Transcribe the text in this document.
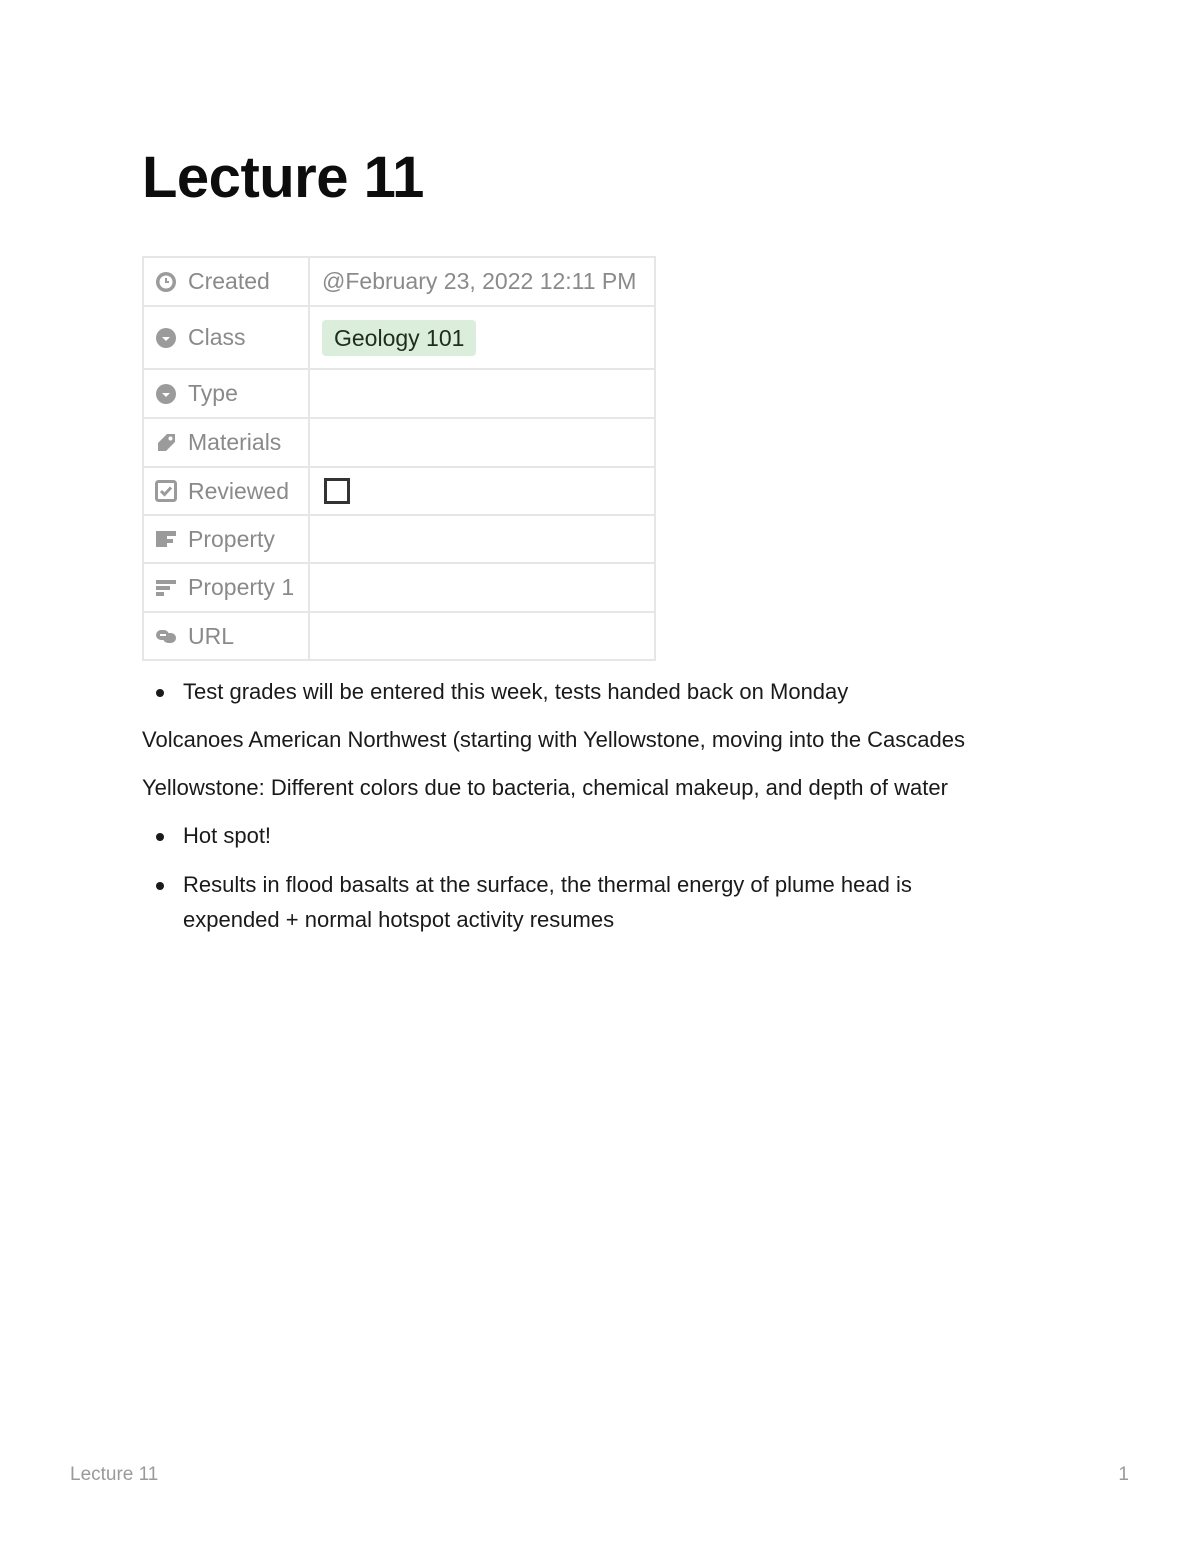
Lecture 11
Created	@February 23, 2022 12:11 PM

Class	Geology 101

Type	

Materials	

Reviewed	

Property	

Property 1	

URL	

Test grades will be entered this week, tests handed back on Monday

Volcanoes American Northwest (starting with Yellowstone, moving into the Cascades

Yellowstone: Different colors due to bacteria, chemical makeup, and depth of water

Hot spot!
Results in flood basalts at the surface, the thermal energy of plume head is expended + normal hotspot activity resumes
Lecture 11	1
